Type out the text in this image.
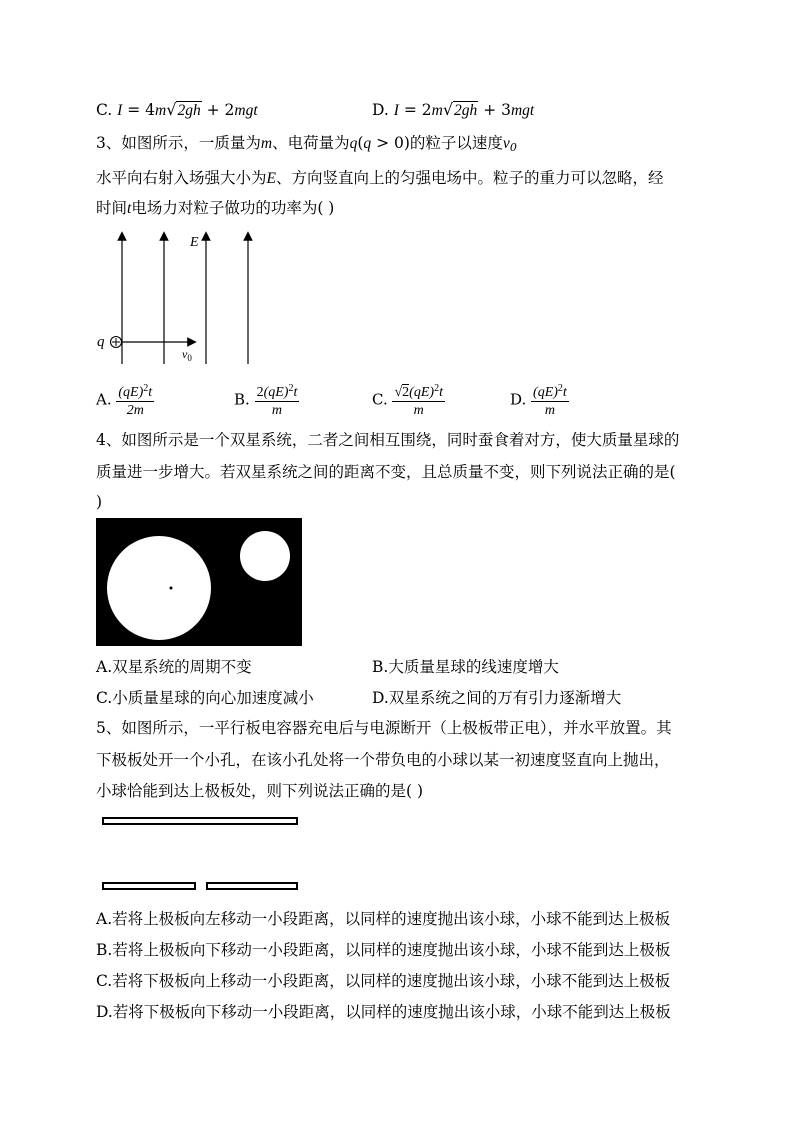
C. I = 4m√2gh + 2mgt	D. I = 2m√2gh + 3mgt
3、如图所示，一质量为m、电荷量为q(q > 0)的粒子以速度$v_0$
水平向右射入场强大小为E、方向竖直向上的匀强电场中。粒子的重力可以忽略，经
时间t电场力对粒子做功的功率为( )
E
q
$v_0$
A. $\frac{(qE)^2t}{2m}$	B. $\frac{2(qE)^2t}{m}$	C. $\frac{√2(qE)^2t}{m}$	D. $\frac{(qE)^2t}{m}$
4、如图所示是一个双星系统，二者之间相互围绕，同时蚕食着对方，使大质量星球的
质量进一步增大。若双星系统之间的距离不变，且总质量不变，则下列说法正确的是(
)
A.双星系统的周期不变	B.大质量星球的线速度增大
C.小质量星球的向心加速度减小	D.双星系统之间的万有引力逐渐增大
5、如图所示，一平行板电容器充电后与电源断开（上极板带正电），并水平放置。其
下极板处开一个小孔，在该小孔处将一个带负电的小球以某一初速度竖直向上抛出，
小球恰能到达上极板处，则下列说法正确的是( )
A.若将上极板向左移动一小段距离，以同样的速度抛出该小球，小球不能到达上极板
B.若将上极板向下移动一小段距离，以同样的速度抛出该小球，小球不能到达上极板
C.若将下极板向上移动一小段距离，以同样的速度抛出该小球，小球不能到达上极板
D.若将下极板向下移动一小段距离，以同样的速度抛出该小球，小球不能到达上极板
